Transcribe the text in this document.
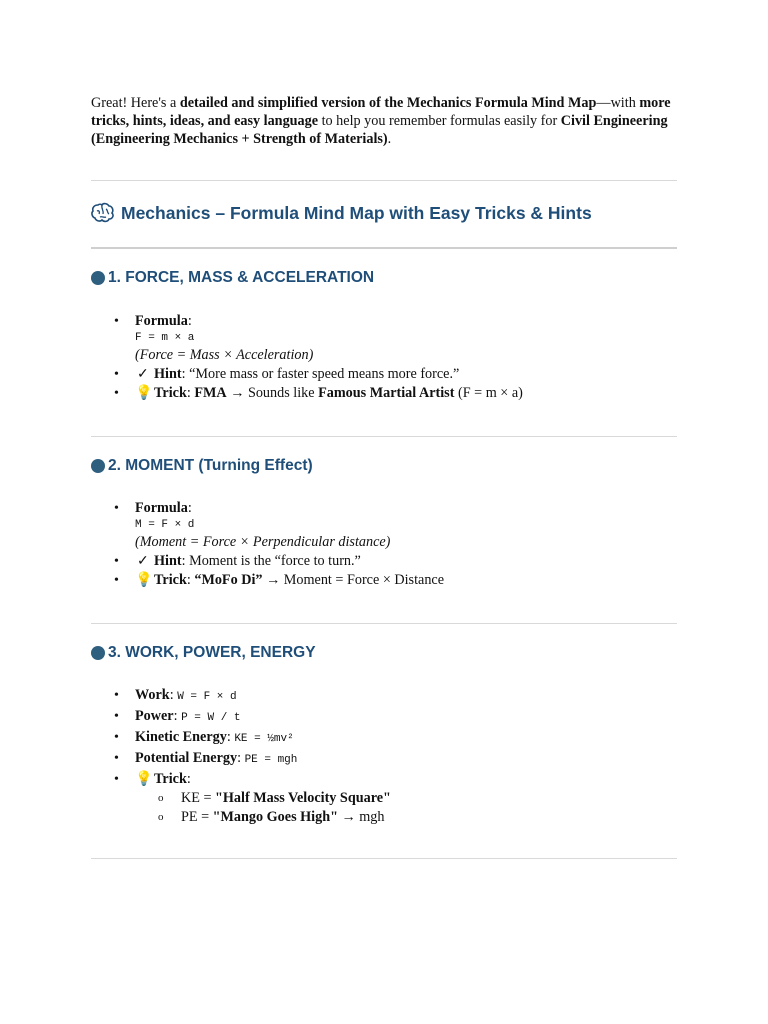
Great! Here's a detailed and simplified version of the Mechanics Formula Mind Map—with more tricks, hints, ideas, and easy language to help you remember formulas easily for Civil Engineering (Engineering Mechanics + Strength of Materials).

Mechanics – Formula Mind Map with Easy Tricks & Hints
1. FORCE, MASS & ACCELERATION
• Formula:
F = m × a
(Force = Mass × Acceleration)
• ✓ Hint: “More mass or faster speed means more force.”
• 💡Trick: FMA → Sounds like Famous Martial Artist (F = m × a)
2. MOMENT (Turning Effect)
• Formula:
M = F × d
(Moment = Force × Perpendicular distance)
• ✓ Hint: Moment is the “force to turn.”
• 💡Trick: “MoFo Di” → Moment = Force × Distance
3. WORK, POWER, ENERGY
• Work: W = F × d
• Power: P = W / t
• Kinetic Energy: KE = ½mv²
• Potential Energy: PE = mgh
• 💡Trick:
o KE = "Half Mass Velocity Square"
o PE = "Mango Goes High" → mgh
